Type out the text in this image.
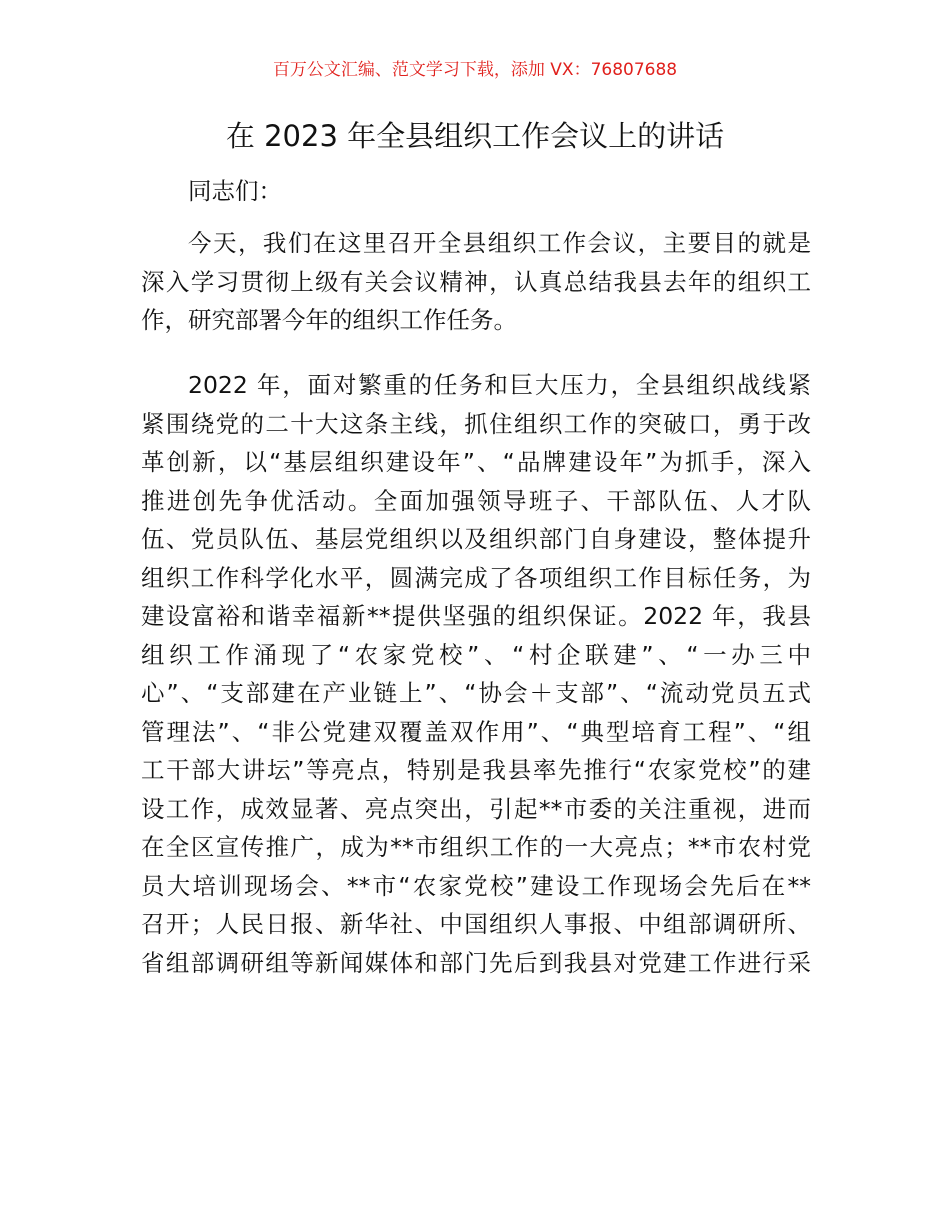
百万公文汇编、范文学习下载，添加 VX：76807688
在 2023 年全县组织工作会议上的讲话
同志们：
今天，我们在这里召开全县组织工作会议，主要目的就是
深入学习贯彻上级有关会议精神，认真总结我县去年的组织工
作，研究部署今年的组织工作任务。
2022 年，面对繁重的任务和巨大压力，全县组织战线紧
紧围绕党的二十大这条主线，抓住组织工作的突破口，勇于改
革创新，以“基层组织建设年”、“品牌建设年”为抓手，深入
推进创先争优活动。全面加强领导班子、干部队伍、人才队
伍、党员队伍、基层党组织以及组织部门自身建设，整体提升
组织工作科学化水平，圆满完成了各项组织工作目标任务，为
建设富裕和谐幸福新**提供坚强的组织保证。2022 年，我县
组织工作涌现了“农家党校”、“村企联建”、“一办三中
心”、“支部建在产业链上”、“协会＋支部”、“流动党员五式
管理法”、“非公党建双覆盖双作用”、“典型培育工程”、“组
工干部大讲坛”等亮点，特别是我县率先推行“农家党校”的建
设工作，成效显著、亮点突出，引起**市委的关注重视，进而
在全区宣传推广，成为**市组织工作的一大亮点；**市农村党
员大培训现场会、**市“农家党校”建设工作现场会先后在**
召开；人民日报、新华社、中国组织人事报、中组部调研所、
省组部调研组等新闻媒体和部门先后到我县对党建工作进行采
